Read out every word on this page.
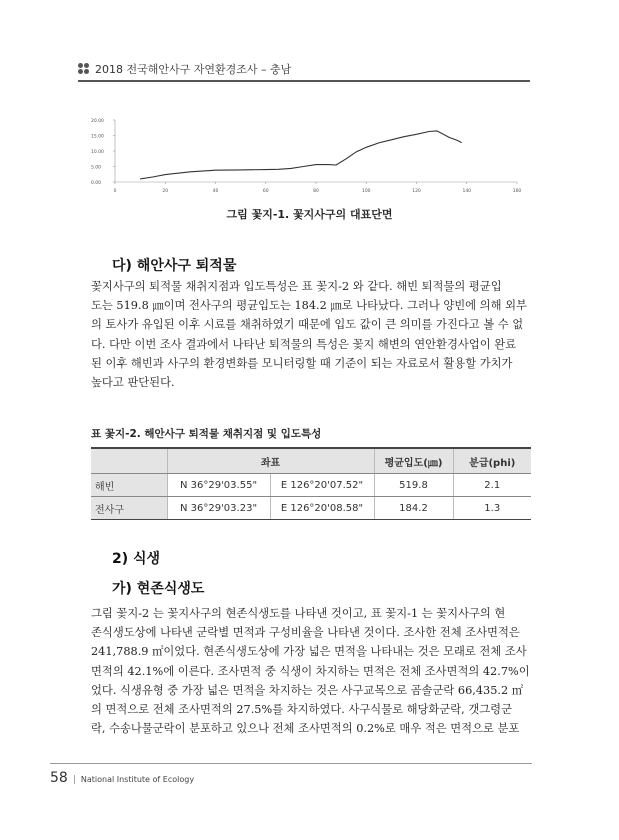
2018 전국해안사구 자연환경조사 – 충남
0.00
5.00
10.00
15.00
20.00
0	20	40	60	80	100	120	140	160
그림 꽃지-1. 꽃지사구의 대표단면
다) 해안사구 퇴적물
꽃지사구의 퇴적물 채취지점과 입도특성은 표 꽃지-2 와 같다. 해빈 퇴적물의 평균입
도는 519.8 ㎛이며 전사구의 평균입도는 184.2 ㎛로 나타났다. 그러나 양빈에 의해 외부
의 토사가 유입된 이후 시료를 채취하였기 때문에 입도 값이 큰 의미를 가진다고 볼 수 없
다. 다만 이번 조사 결과에서 나타난 퇴적물의 특성은 꽃지 해변의 연안환경사업이 완료
된 이후 해빈과 사구의 환경변화를 모니터링할 때 기준이 되는 자료로서 활용할 가치가
높다고 판단된다.
표 꽃지-2. 해안사구 퇴적물 채취지점 및 입도특성
	좌표		평균입도(㎛)	분급(phi)
해빈	N 36°29'03.55"	E 126°20'07.52"	519.8	2.1
전사구	N 36°29'03.23"	E 126°20'08.58"	184.2	1.3
2) 식생
가) 현존식생도
그림 꽃지-2 는 꽃지사구의 현존식생도를 나타낸 것이고, 표 꽃지-1 는 꽃지사구의 현
존식생도상에 나타낸 군락별 면적과 구성비율을 나타낸 것이다. 조사한 전체 조사면적은
241,788.9 ㎡이었다. 현존식생도상에 가장 넓은 면적을 나타내는 것은 모래로 전체 조사
면적의 42.1%에 이른다. 조사면적 중 식생이 차지하는 면적은 전체 조사면적의 42.7%이
었다. 식생유형 중 가장 넓은 면적을 차지하는 것은 사구교목으로 곰솔군락 66,435.2 ㎡
의 면적으로 전체 조사면적의 27.5%를 차지하였다. 사구식물로 해당화군락, 갯그령군
락, 수송나물군락이 분포하고 있으나 전체 조사면적의 0.2%로 매우 적은 면적으로 분포
58 | National Institute of Ecology
